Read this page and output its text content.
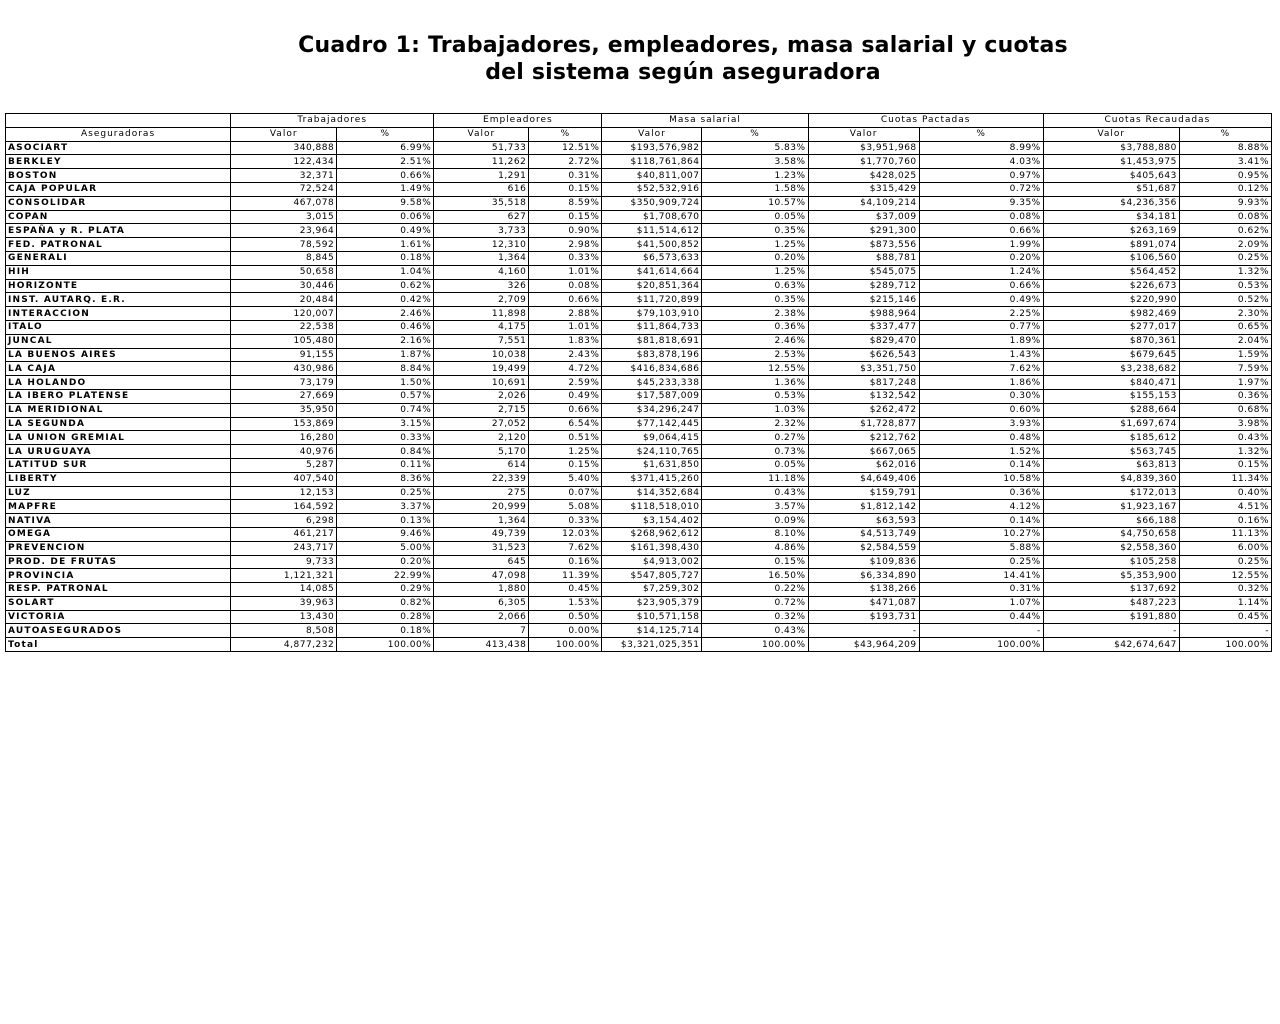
Cuadro 1: Trabajadores, empleadores, masa salarial y cuotas
del sistema según aseguradora
	Trabajadores		Empleadores		Masa salarial		Cuotas Pactadas		Cuotas Recaudadas	
Aseguradoras	Valor	%	Valor	%	Valor	%	Valor	%	Valor	%
ASOCIART	340,888	6.99%	51,733	12.51%	$193,576,982	5.83%	$3,951,968	8.99%	$3,788,880	8.88%
BERKLEY	122,434	2.51%	11,262	2.72%	$118,761,864	3.58%	$1,770,760	4.03%	$1,453,975	3.41%
BOSTON	32,371	0.66%	1,291	0.31%	$40,811,007	1.23%	$428,025	0.97%	$405,643	0.95%
CAJA POPULAR	72,524	1.49%	616	0.15%	$52,532,916	1.58%	$315,429	0.72%	$51,687	0.12%
CONSOLIDAR	467,078	9.58%	35,518	8.59%	$350,909,724	10.57%	$4,109,214	9.35%	$4,236,356	9.93%
COPAN	3,015	0.06%	627	0.15%	$1,708,670	0.05%	$37,009	0.08%	$34,181	0.08%
ESPAÑA y R. PLATA	23,964	0.49%	3,733	0.90%	$11,514,612	0.35%	$291,300	0.66%	$263,169	0.62%
FED. PATRONAL	78,592	1.61%	12,310	2.98%	$41,500,852	1.25%	$873,556	1.99%	$891,074	2.09%
GENERALI	8,845	0.18%	1,364	0.33%	$6,573,633	0.20%	$88,781	0.20%	$106,560	0.25%
HIH	50,658	1.04%	4,160	1.01%	$41,614,664	1.25%	$545,075	1.24%	$564,452	1.32%
HORIZONTE	30,446	0.62%	326	0.08%	$20,851,364	0.63%	$289,712	0.66%	$226,673	0.53%
INST. AUTARQ. E.R.	20,484	0.42%	2,709	0.66%	$11,720,899	0.35%	$215,146	0.49%	$220,990	0.52%
INTERACCION	120,007	2.46%	11,898	2.88%	$79,103,910	2.38%	$988,964	2.25%	$982,469	2.30%
ITALO	22,538	0.46%	4,175	1.01%	$11,864,733	0.36%	$337,477	0.77%	$277,017	0.65%
JUNCAL	105,480	2.16%	7,551	1.83%	$81,818,691	2.46%	$829,470	1.89%	$870,361	2.04%
LA BUENOS AIRES	91,155	1.87%	10,038	2.43%	$83,878,196	2.53%	$626,543	1.43%	$679,645	1.59%
LA CAJA	430,986	8.84%	19,499	4.72%	$416,834,686	12.55%	$3,351,750	7.62%	$3,238,682	7.59%
LA HOLANDO	73,179	1.50%	10,691	2.59%	$45,233,338	1.36%	$817,248	1.86%	$840,471	1.97%
LA IBERO PLATENSE	27,669	0.57%	2,026	0.49%	$17,587,009	0.53%	$132,542	0.30%	$155,153	0.36%
LA MERIDIONAL	35,950	0.74%	2,715	0.66%	$34,296,247	1.03%	$262,472	0.60%	$288,664	0.68%
LA SEGUNDA	153,869	3.15%	27,052	6.54%	$77,142,445	2.32%	$1,728,877	3.93%	$1,697,674	3.98%
LA UNION GREMIAL	16,280	0.33%	2,120	0.51%	$9,064,415	0.27%	$212,762	0.48%	$185,612	0.43%
LA URUGUAYA	40,976	0.84%	5,170	1.25%	$24,110,765	0.73%	$667,065	1.52%	$563,745	1.32%
LATITUD SUR	5,287	0.11%	614	0.15%	$1,631,850	0.05%	$62,016	0.14%	$63,813	0.15%
LIBERTY	407,540	8.36%	22,339	5.40%	$371,415,260	11.18%	$4,649,406	10.58%	$4,839,360	11.34%
LUZ	12,153	0.25%	275	0.07%	$14,352,684	0.43%	$159,791	0.36%	$172,013	0.40%
MAPFRE	164,592	3.37%	20,999	5.08%	$118,518,010	3.57%	$1,812,142	4.12%	$1,923,167	4.51%
NATIVA	6,298	0.13%	1,364	0.33%	$3,154,402	0.09%	$63,593	0.14%	$66,188	0.16%
OMEGA	461,217	9.46%	49,739	12.03%	$268,962,612	8.10%	$4,513,749	10.27%	$4,750,658	11.13%
PREVENCION	243,717	5.00%	31,523	7.62%	$161,398,430	4.86%	$2,584,559	5.88%	$2,558,360	6.00%
PROD. DE FRUTAS	9,733	0.20%	645	0.16%	$4,913,002	0.15%	$109,836	0.25%	$105,258	0.25%
PROVINCIA	1,121,321	22.99%	47,098	11.39%	$547,805,727	16.50%	$6,334,890	14.41%	$5,353,900	12.55%
RESP. PATRONAL	14,085	0.29%	1,880	0.45%	$7,259,302	0.22%	$138,266	0.31%	$137,692	0.32%
SOLART	39,963	0.82%	6,305	1.53%	$23,905,379	0.72%	$471,087	1.07%	$487,223	1.14%
VICTORIA	13,430	0.28%	2,066	0.50%	$10,571,158	0.32%	$193,731	0.44%	$191,880	0.45%
AUTOASEGURADOS	8,508	0.18%	7	0.00%	$14,125,714	0.43%	-	-	-	-
Total	4,877,232	100.00%	413,438	100.00%	$3,321,025,351	100.00%	$43,964,209	100.00%	$42,674,647	100.00%
